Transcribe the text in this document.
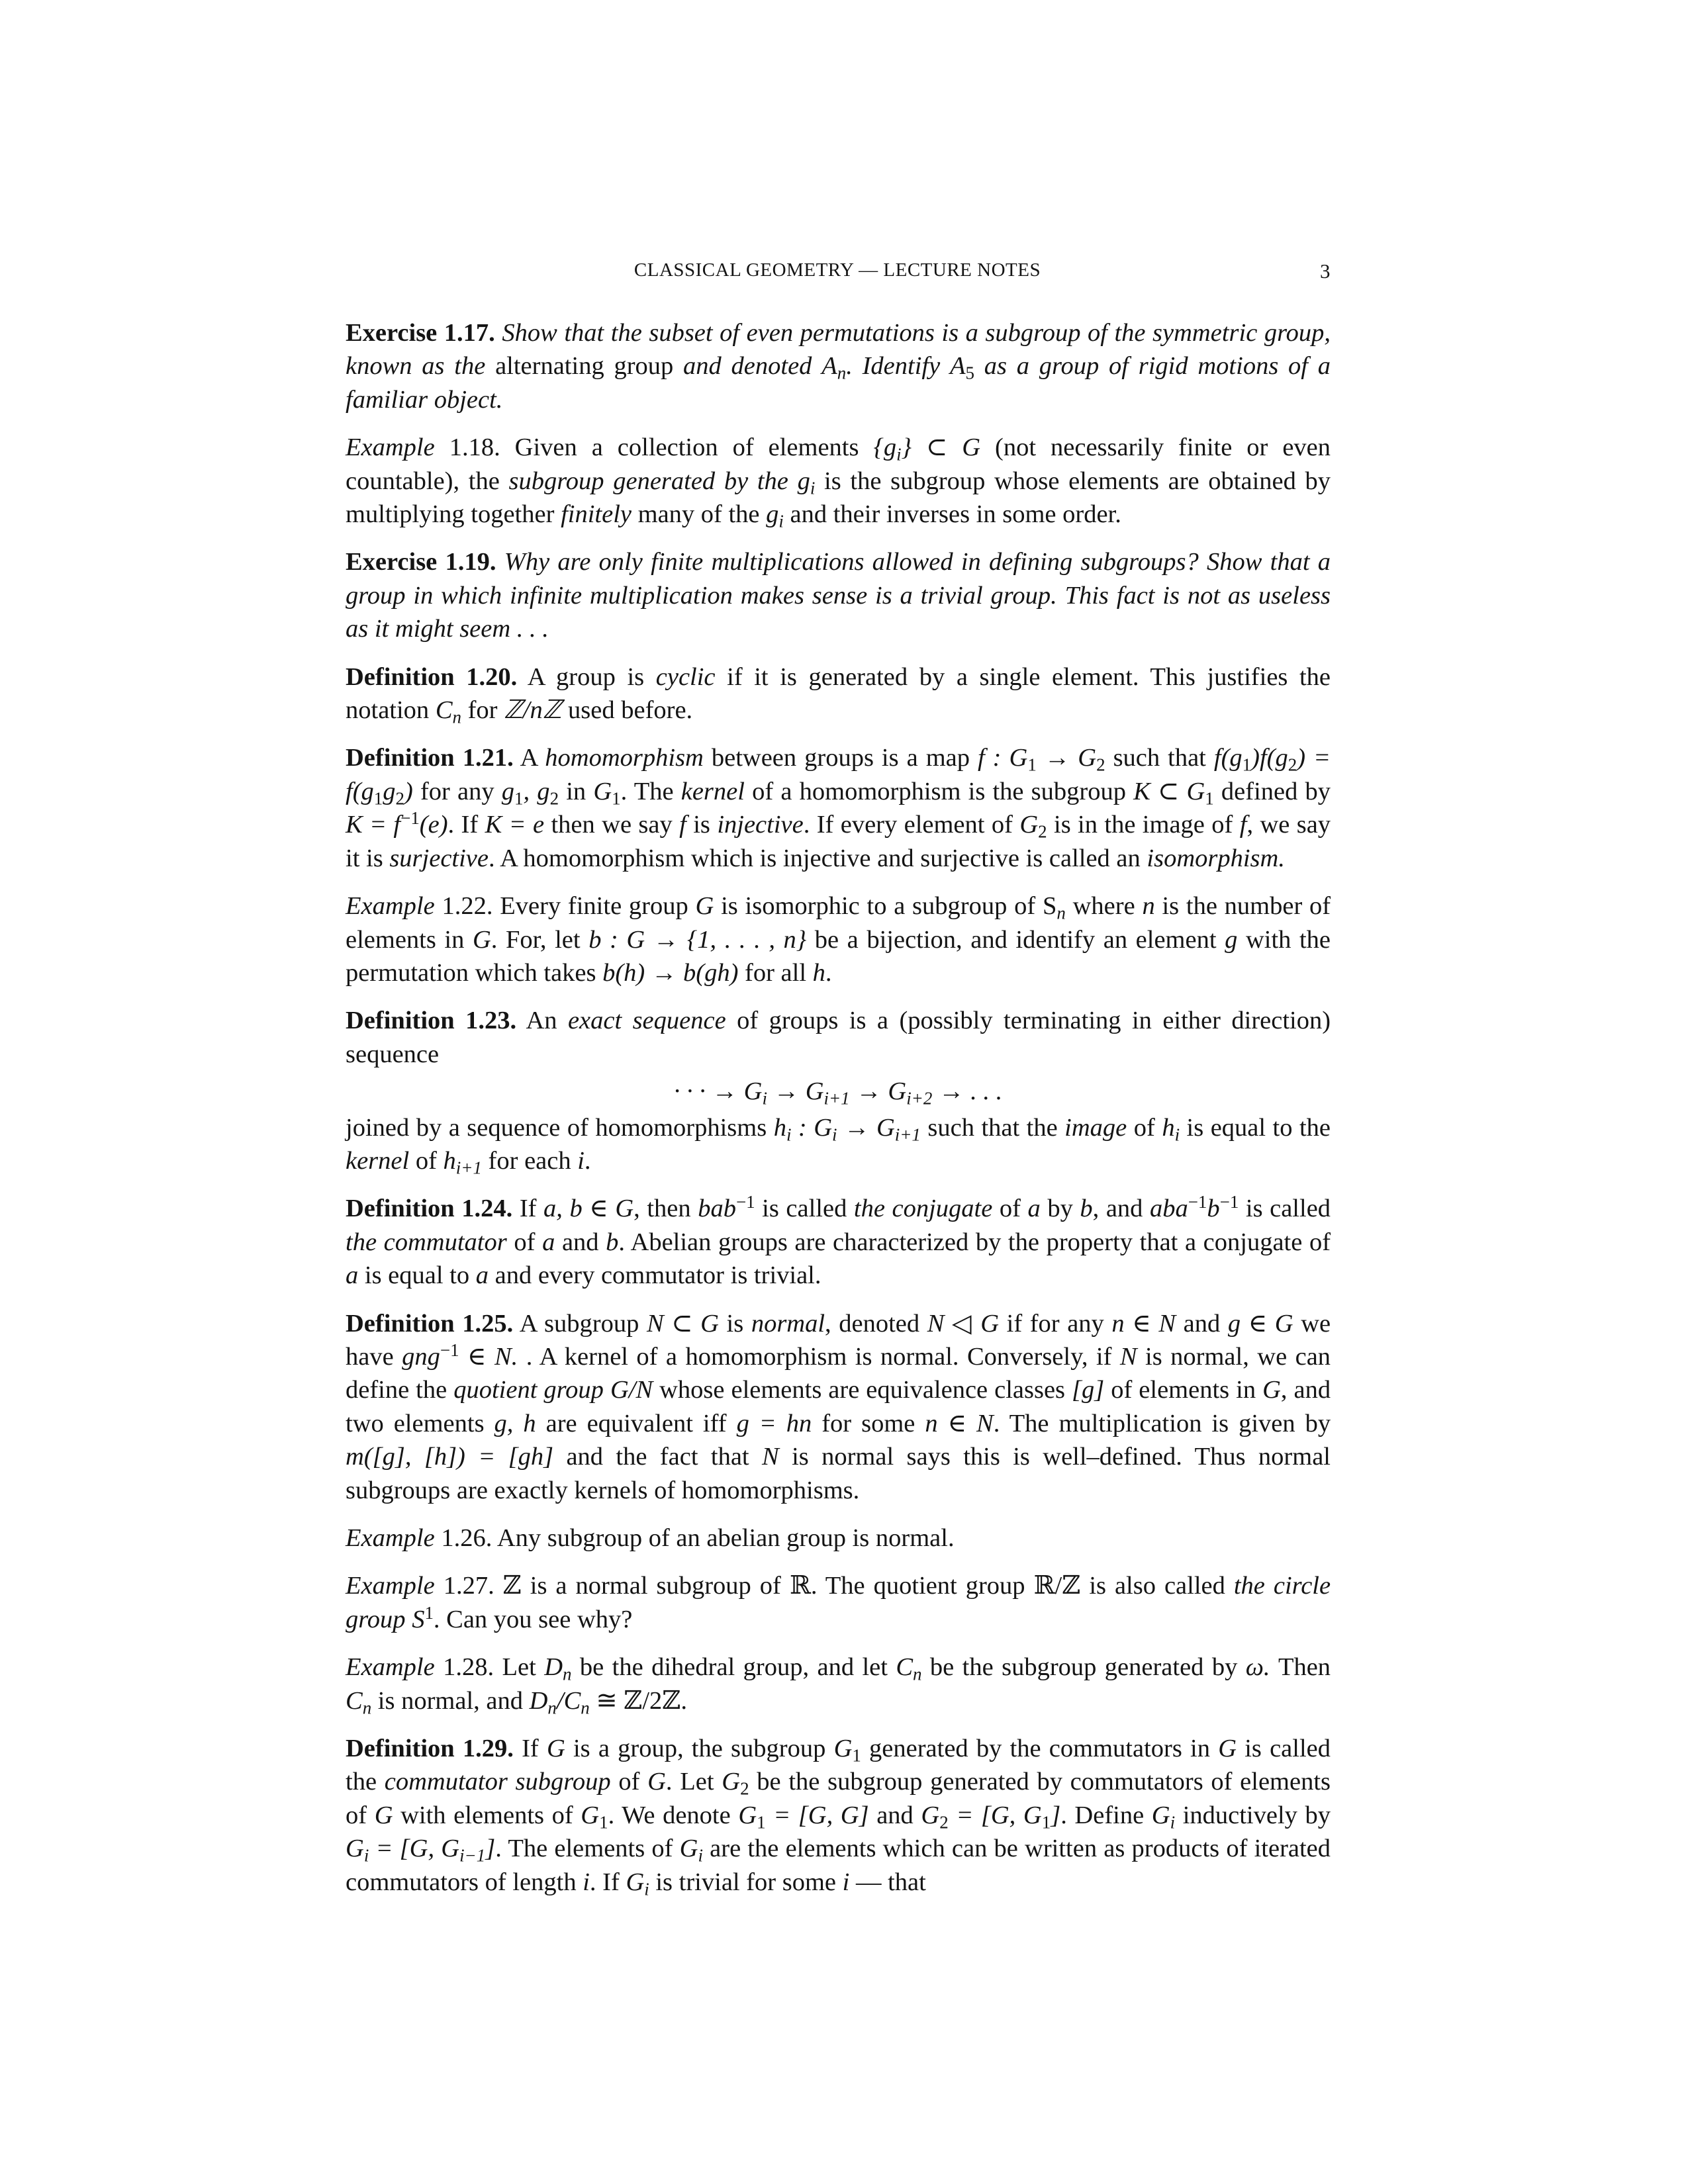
CLASSICAL GEOMETRY — LECTURE NOTES	3

Exercise 1.17. Show that the subset of even permutations is a subgroup of the symmetric group, known as the alternating group and denoted $A_n$. Identify $A_5$ as a group of rigid motions of a familiar object.

Example 1.18. Given a collection of elements $\{g_i\}$ ⊂ G (not necessarily finite or even countable), the subgroup generated by the $g_i$ is the subgroup whose elements are obtained by multiplying together finitely many of the $g_i$ and their inverses in some order.

Exercise 1.19. Why are only finite multiplications allowed in defining subgroups? Show that a group in which infinite multiplication makes sense is a trivial group. This fact is not as useless as it might seem . . .

Definition 1.20. A group is cyclic if it is generated by a single element. This justifies the notation $C_n$ for ℤ/nℤ used before.

Definition 1.21. A homomorphism between groups is a map f : $G_1 \to G_2$ such that $f(g_1)f(g_2) = f(g_1g_2)$ for any $g_1$, $g_2$ in $G_1$. The kernel of a homomorphism is the subgroup K ⊂ $G_1$ defined by $K = f^{-1}(e)$. If K = e then we say f is injective. If every element of $G_2$ is in the image of f, we say it is surjective. A homomorphism which is injective and surjective is called an isomorphism.

Example 1.22. Every finite group G is isomorphic to a subgroup of $S_n$ where n is the number of elements in G. For, let b : G → {1, . . . , n} be a bijection, and identify an element g with the permutation which takes b(h) → b(gh) for all h.

Definition 1.23. An exact sequence of groups is a (possibly terminating in either direction) sequence
· · · → $G_i \to G_{i+1} \to G_{i+2}$ → . . .
joined by a sequence of homomorphisms $h_i$ : $G_i \to G_{i+1}$ such that the image of $h_i$ is equal to the kernel of $h_{i+1}$ for each i.

Definition 1.24. If a, b ∈ G, then bab$^{-1}$ is called the conjugate of a by b, and $aba^{-1}b^{-1}$ is called the commutator of a and b. Abelian groups are characterized by the property that a conjugate of a is equal to a and every commutator is trivial.

Definition 1.25. A subgroup N ⊂ G is normal, denoted N ◁ G if for any n ∈ N and g ∈ G we have gng$^{-1}$ ∈ N. . A kernel of a homomorphism is normal. Conversely, if N is normal, we can define the quotient group G/N whose elements are equivalence classes [g] of elements in G, and two elements g, h are equivalent iff g = hn for some n ∈ N. The multiplication is given by m([g], [h]) = [gh] and the fact that N is normal says this is well–defined. Thus normal subgroups are exactly kernels of homomorphisms.

Example 1.26. Any subgroup of an abelian group is normal.

Example 1.27. ℤ is a normal subgroup of ℝ. The quotient group ℝ/ℤ is also called the circle group $S^1$. Can you see why?

Example 1.28. Let $D_n$ be the dihedral group, and let $C_n$ be the subgroup generated by ω. Then $C_n$ is normal, and $D_n/C_n$ ≅ ℤ/2ℤ.

Definition 1.29. If G is a group, the subgroup $G_1$ generated by the commutators in G is called the commutator subgroup of G. Let $G_2$ be the subgroup generated by commutators of elements of G with elements of $G_1$. We denote $G_1 = [G$, G] and $G_2 = [G$, $G_1$]. Define $G_i$ inductively by $G_i = [G$, $G_{i-1}$]. The elements of $G_i$ are the elements which can be written as products of iterated commutators of length i. If $G_i$ is trivial for some i — that
